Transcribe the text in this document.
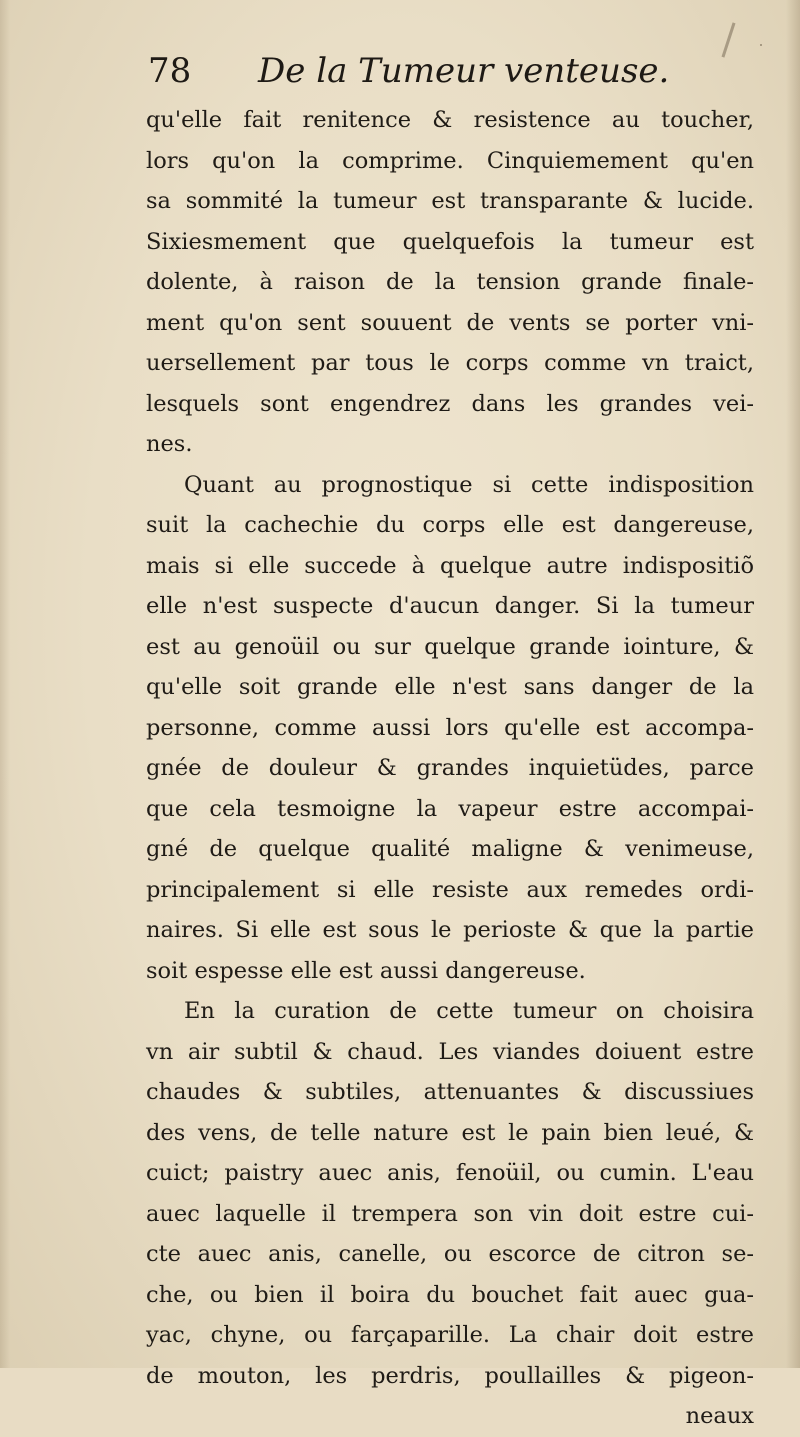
78 De la Tumeur venteuse.
qu'elle fait renitence & resistence au toucher,
lors qu'on la comprime. Cinquiemement qu'en
sa sommité la tumeur est transparante & lucide.
Sixiesmement que quelquefois la tumeur est
dolente, à raison de la tension grande finale-
ment qu'on sent souuent de vents se porter vni-
uersellement par tous le corps comme vn traict,
lesquels sont engendrez dans les grandes vei-
nes.
Quant au prognostique si cette indisposition
suit la cachechie du corps elle est dangereuse,
mais si elle succede à quelque autre indispositiõ
elle n'est suspecte d'aucun danger. Si la tumeur
est au genoüil ou sur quelque grande iointure, &
qu'elle soit grande elle n'est sans danger de la
personne, comme aussi lors qu'elle est accompa-
gnée de douleur & grandes inquietüdes, parce
que cela tesmoigne la vapeur estre accompai-
gné de quelque qualité maligne & venimeuse,
principalement si elle resiste aux remedes ordi-
naires. Si elle est sous le perioste & que la partie
soit espesse elle est aussi dangereuse.
En la curation de cette tumeur on choisira
vn air subtil & chaud. Les viandes doiuent estre
chaudes & subtiles, attenuantes & discussiues
des vens, de telle nature est le pain bien leué, &
cuict; paistry auec anis, fenoüil, ou cumin. L'eau
auec laquelle il trempera son vin doit estre cui-
cte auec anis, canelle, ou escorce de citron se-
che, ou bien il boira du bouchet fait auec gua-
yac, chyne, ou farçaparille. La chair doit estre
de mouton, les perdris, poullailles & pigeon-
neaux
